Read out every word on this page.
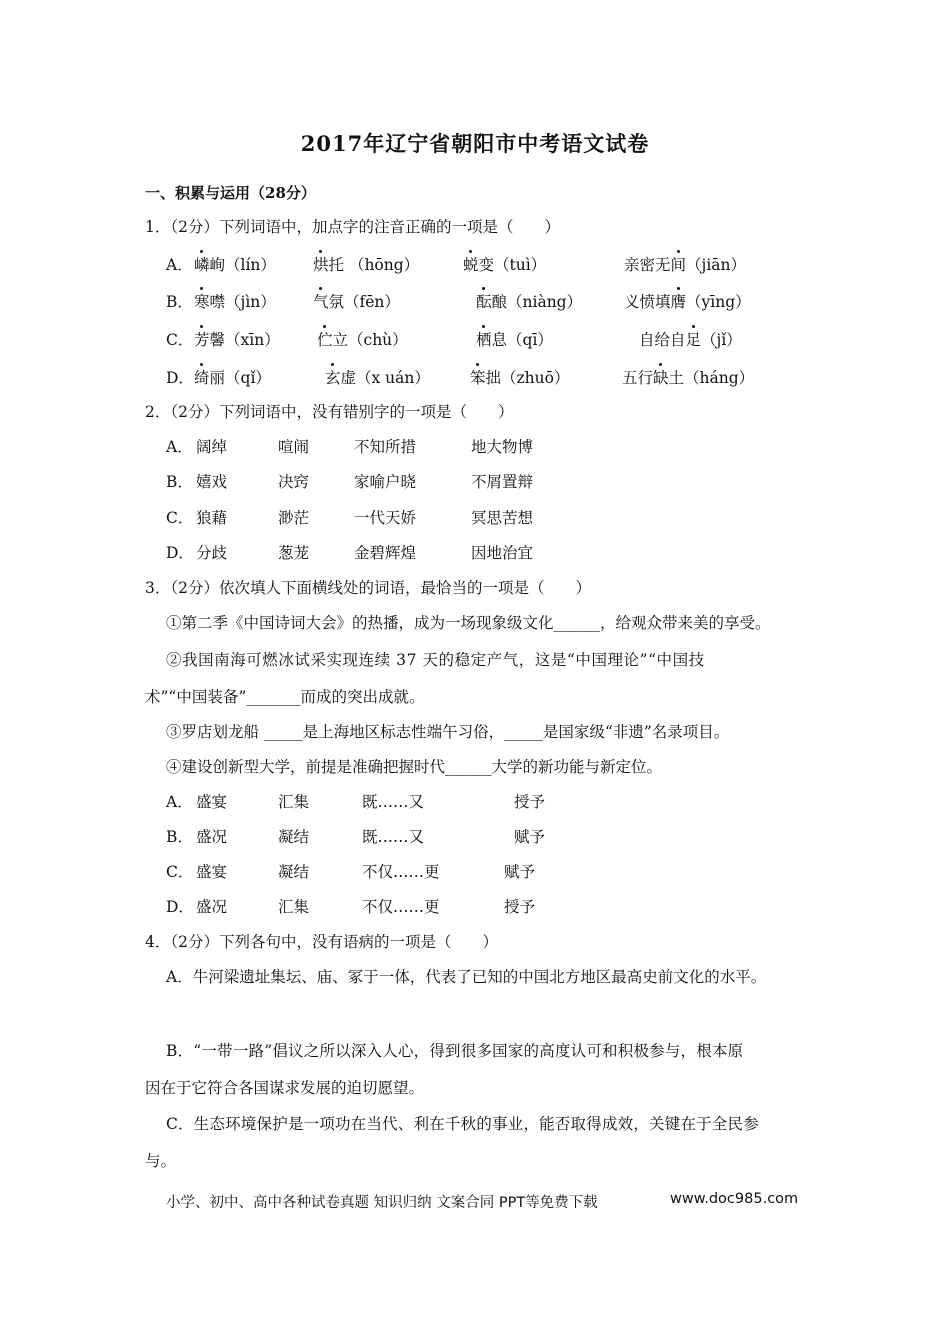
2017年辽宁省朝阳市中考语文试卷
一、积累与运用（28分）
1．（2分）下列词语中，加点字的注音正确的一项是（　　）
A． 嶙峋（lín） 烘托 （hōng）	蜕变（tuì）	亲密无间（jiān）
B． 寒噤（jìn） 气氛（fēn）	酝酿（niàng）	义愤填膺（yīng）
C． 芳馨（xīn） 伫立（chù）	栖息（qī）	自给自足（jǐ）
D． 绮丽（qǐ）	玄虚（x uán）	笨拙（zhuō）	五行缺土（háng）
2．（2分）下列词语中，没有错别字的一项是（　　）
A． 阔绰	喧闹	不知所措	地大物博
B． 嬉戏	决窍	家喻户晓	不屑置辩
C． 狼藉	渺茫	一代天娇	冥思苦想
D． 分歧	葱茏	金碧辉煌	因地治宜
3．（2分）依次填人下面横线处的词语，最恰当的一项是（　　）
①第二季《中国诗词大会》的热播，成为一场现象级文化______，给观众带来美的享受。
②我国南海可燃冰试采实现连续 37 天的稳定产气，这是“中国理论”“中国技
术”“中国装备”_______而成的突出成就。
③罗店划龙船 _____是上海地区标志性端午习俗，_____是国家级“非遗”名录项目。
④建设创新型大学，前提是准确把握时代______大学的新功能与新定位。
A． 盛宴	汇集	既……又	授予
B． 盛况	凝结	既……又	赋予
C． 盛宴	凝结	不仅……更	赋予
D． 盛况	汇集	不仅……更	授予
4．（2分）下列各句中，没有语病的一项是（　　）
A．牛河梁遗址集坛、庙、冢于一体，代表了已知的中国北方地区最高史前文化的水平。
B．“一带一路”倡议之所以深入人心，得到很多国家的高度认可和积极参与，根本原
因在于它符合各国谋求发展的迫切愿望。
C．生态环境保护是一项功在当代、利在千秋的事业，能否取得成效，关键在于全民参
与。
小学、初中、高中各种试卷真题 知识归纳 文案合同 PPT等免费下载	www.doc985.com
